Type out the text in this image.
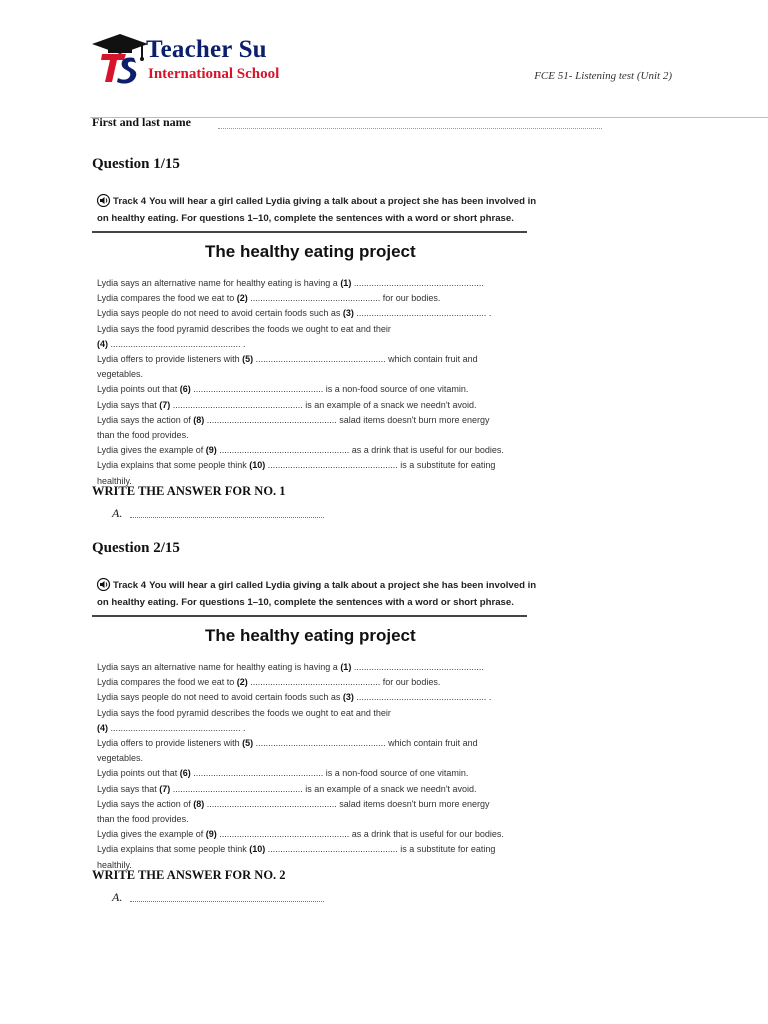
Teacher Su
International School	FCE 51- Listening test (Unit 2)
First and last name
Question 1/15
Track 4 You will hear a girl called Lydia giving a talk about a project she has been involved in on healthy eating. For questions 1–10, complete the sentences with a word or short phrase.
The healthy eating project
Lydia says an alternative name for healthy eating is having a (1) ....................................................
Lydia compares the food we eat to (2) .................................................... for our bodies.
Lydia says people do not need to avoid certain foods such as (3) .................................................... .
Lydia says the food pyramid describes the foods we ought to eat and their
(4) .................................................... .
Lydia offers to provide listeners with (5) .................................................... which contain fruit and
vegetables.
Lydia points out that (6) .................................................... is a non-food source of one vitamin.
Lydia says that (7) .................................................... is an example of a snack we needn't avoid.
Lydia says the action of (8) .................................................... salad items doesn't burn more energy
than the food provides.
Lydia gives the example of (9) .................................................... as a drink that is useful for our bodies.
Lydia explains that some people think (10) .................................................... is a substitute for eating
healthily.
WRITE THE ANSWER FOR NO. 1
A.
Question 2/15
Track 4 You will hear a girl called Lydia giving a talk about a project she has been involved in on healthy eating. For questions 1–10, complete the sentences with a word or short phrase.
The healthy eating project
Lydia says an alternative name for healthy eating is having a (1) ....................................................
Lydia compares the food we eat to (2) .................................................... for our bodies.
Lydia says people do not need to avoid certain foods such as (3) .................................................... .
Lydia says the food pyramid describes the foods we ought to eat and their
(4) .................................................... .
Lydia offers to provide listeners with (5) .................................................... which contain fruit and
vegetables.
Lydia points out that (6) .................................................... is a non-food source of one vitamin.
Lydia says that (7) .................................................... is an example of a snack we needn't avoid.
Lydia says the action of (8) .................................................... salad items doesn't burn more energy
than the food provides.
Lydia gives the example of (9) .................................................... as a drink that is useful for our bodies.
Lydia explains that some people think (10) .................................................... is a substitute for eating
healthily.
WRITE THE ANSWER FOR NO. 2
A.
